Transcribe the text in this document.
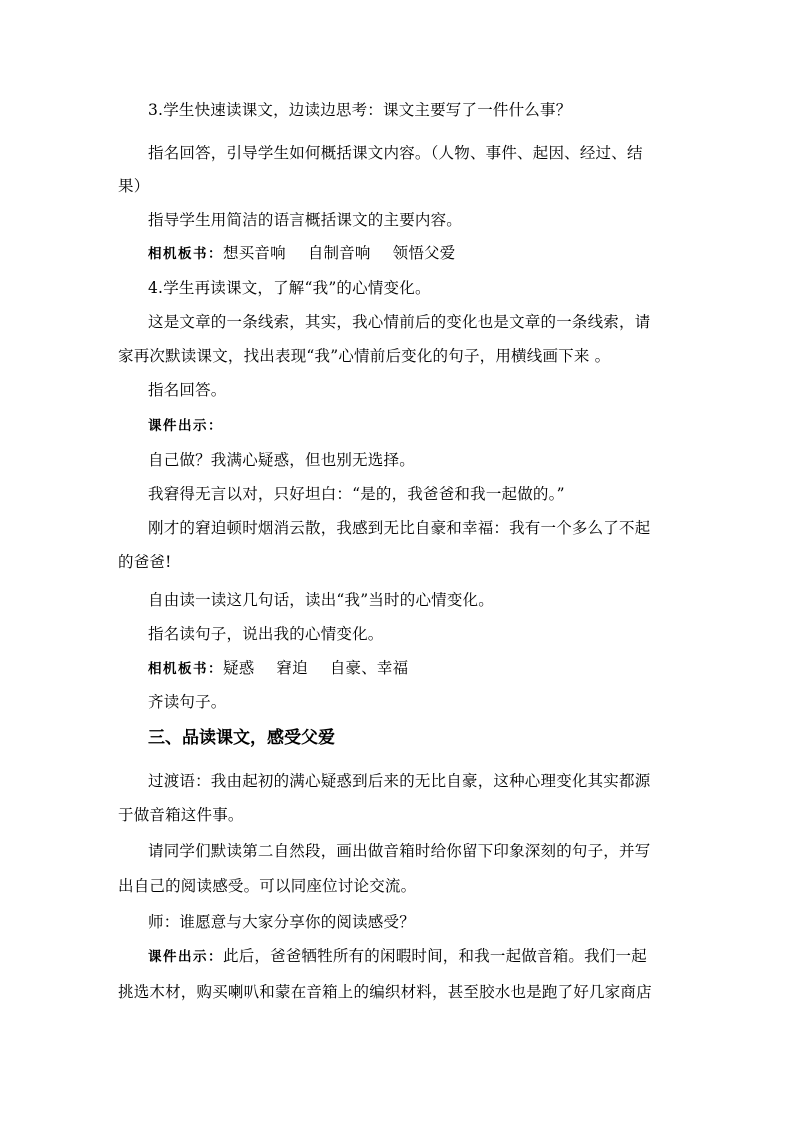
3.学生快速读课文，边读边思考：课文主要写了一件什么事？
指名回答，引导学生如何概括课文内容。（人物、事件、起因、经过、结
果）
指导学生用简洁的语言概括课文的主要内容。
相机板书：想买音响 自制音响 领悟父爱
4.学生再读课文，了解“我”的心情变化。
这是文章的一条线索，其实，我心情前后的变化也是文章的一条线索，请
家再次默读课文，找出表现“我”心情前后变化的句子，用横线画下来 。
指名回答。
课件出示：
自己做？我满心疑惑，但也别无选择。
我窘得无言以对，只好坦白：“是的，我爸爸和我一起做的。”
刚才的窘迫顿时烟消云散，我感到无比自豪和幸福：我有一个多么了不起
的爸爸!
自由读一读这几句话，读出“我”当时的心情变化。
指名读句子，说出我的心情变化。
相机板书：疑惑 窘迫 自豪、幸福
齐读句子。
三、品读课文，感受父爱
过渡语：我由起初的满心疑惑到后来的无比自豪，这种心理变化其实都源
于做音箱这件事。
请同学们默读第二自然段，画出做音箱时给你留下印象深刻的句子，并写
出自己的阅读感受。可以同座位讨论交流。
师：谁愿意与大家分享你的阅读感受？
课件出示：此后，爸爸牺牲所有的闲暇时间，和我一起做音箱。我们一起
挑选木材，购买喇叭和蒙在音箱上的编织材料，甚至胶水也是跑了好几家商店
